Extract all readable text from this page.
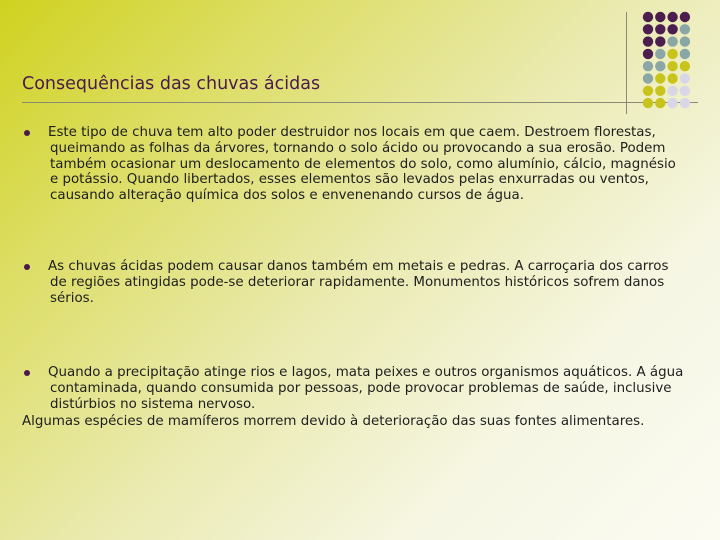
Consequências das chuvas ácidas
Este tipo de chuva tem alto poder destruidor nos locais em que caem. Destroem florestas, queimando as folhas da árvores, tornando o solo ácido ou provocando a sua erosão. Podem também ocasionar um deslocamento de elementos do solo, como alumínio, cálcio, magnésio e potássio. Quando libertados, esses elementos são levados pelas enxurradas ou ventos, causando alteração química dos solos e envenenando cursos de água.
As chuvas ácidas podem causar danos também em metais e pedras. A carroçaria dos carros de regiões atingidas pode-se deteriorar rapidamente. Monumentos históricos sofrem danos sérios.
Quando a precipitação atinge rios e lagos, mata peixes e outros organismos aquáticos. A água contaminada, quando consumida por pessoas, pode provocar problemas de saúde, inclusive distúrbios no sistema nervoso.

Algumas espécies de mamíferos morrem devido à deterioração das suas fontes alimentares.
